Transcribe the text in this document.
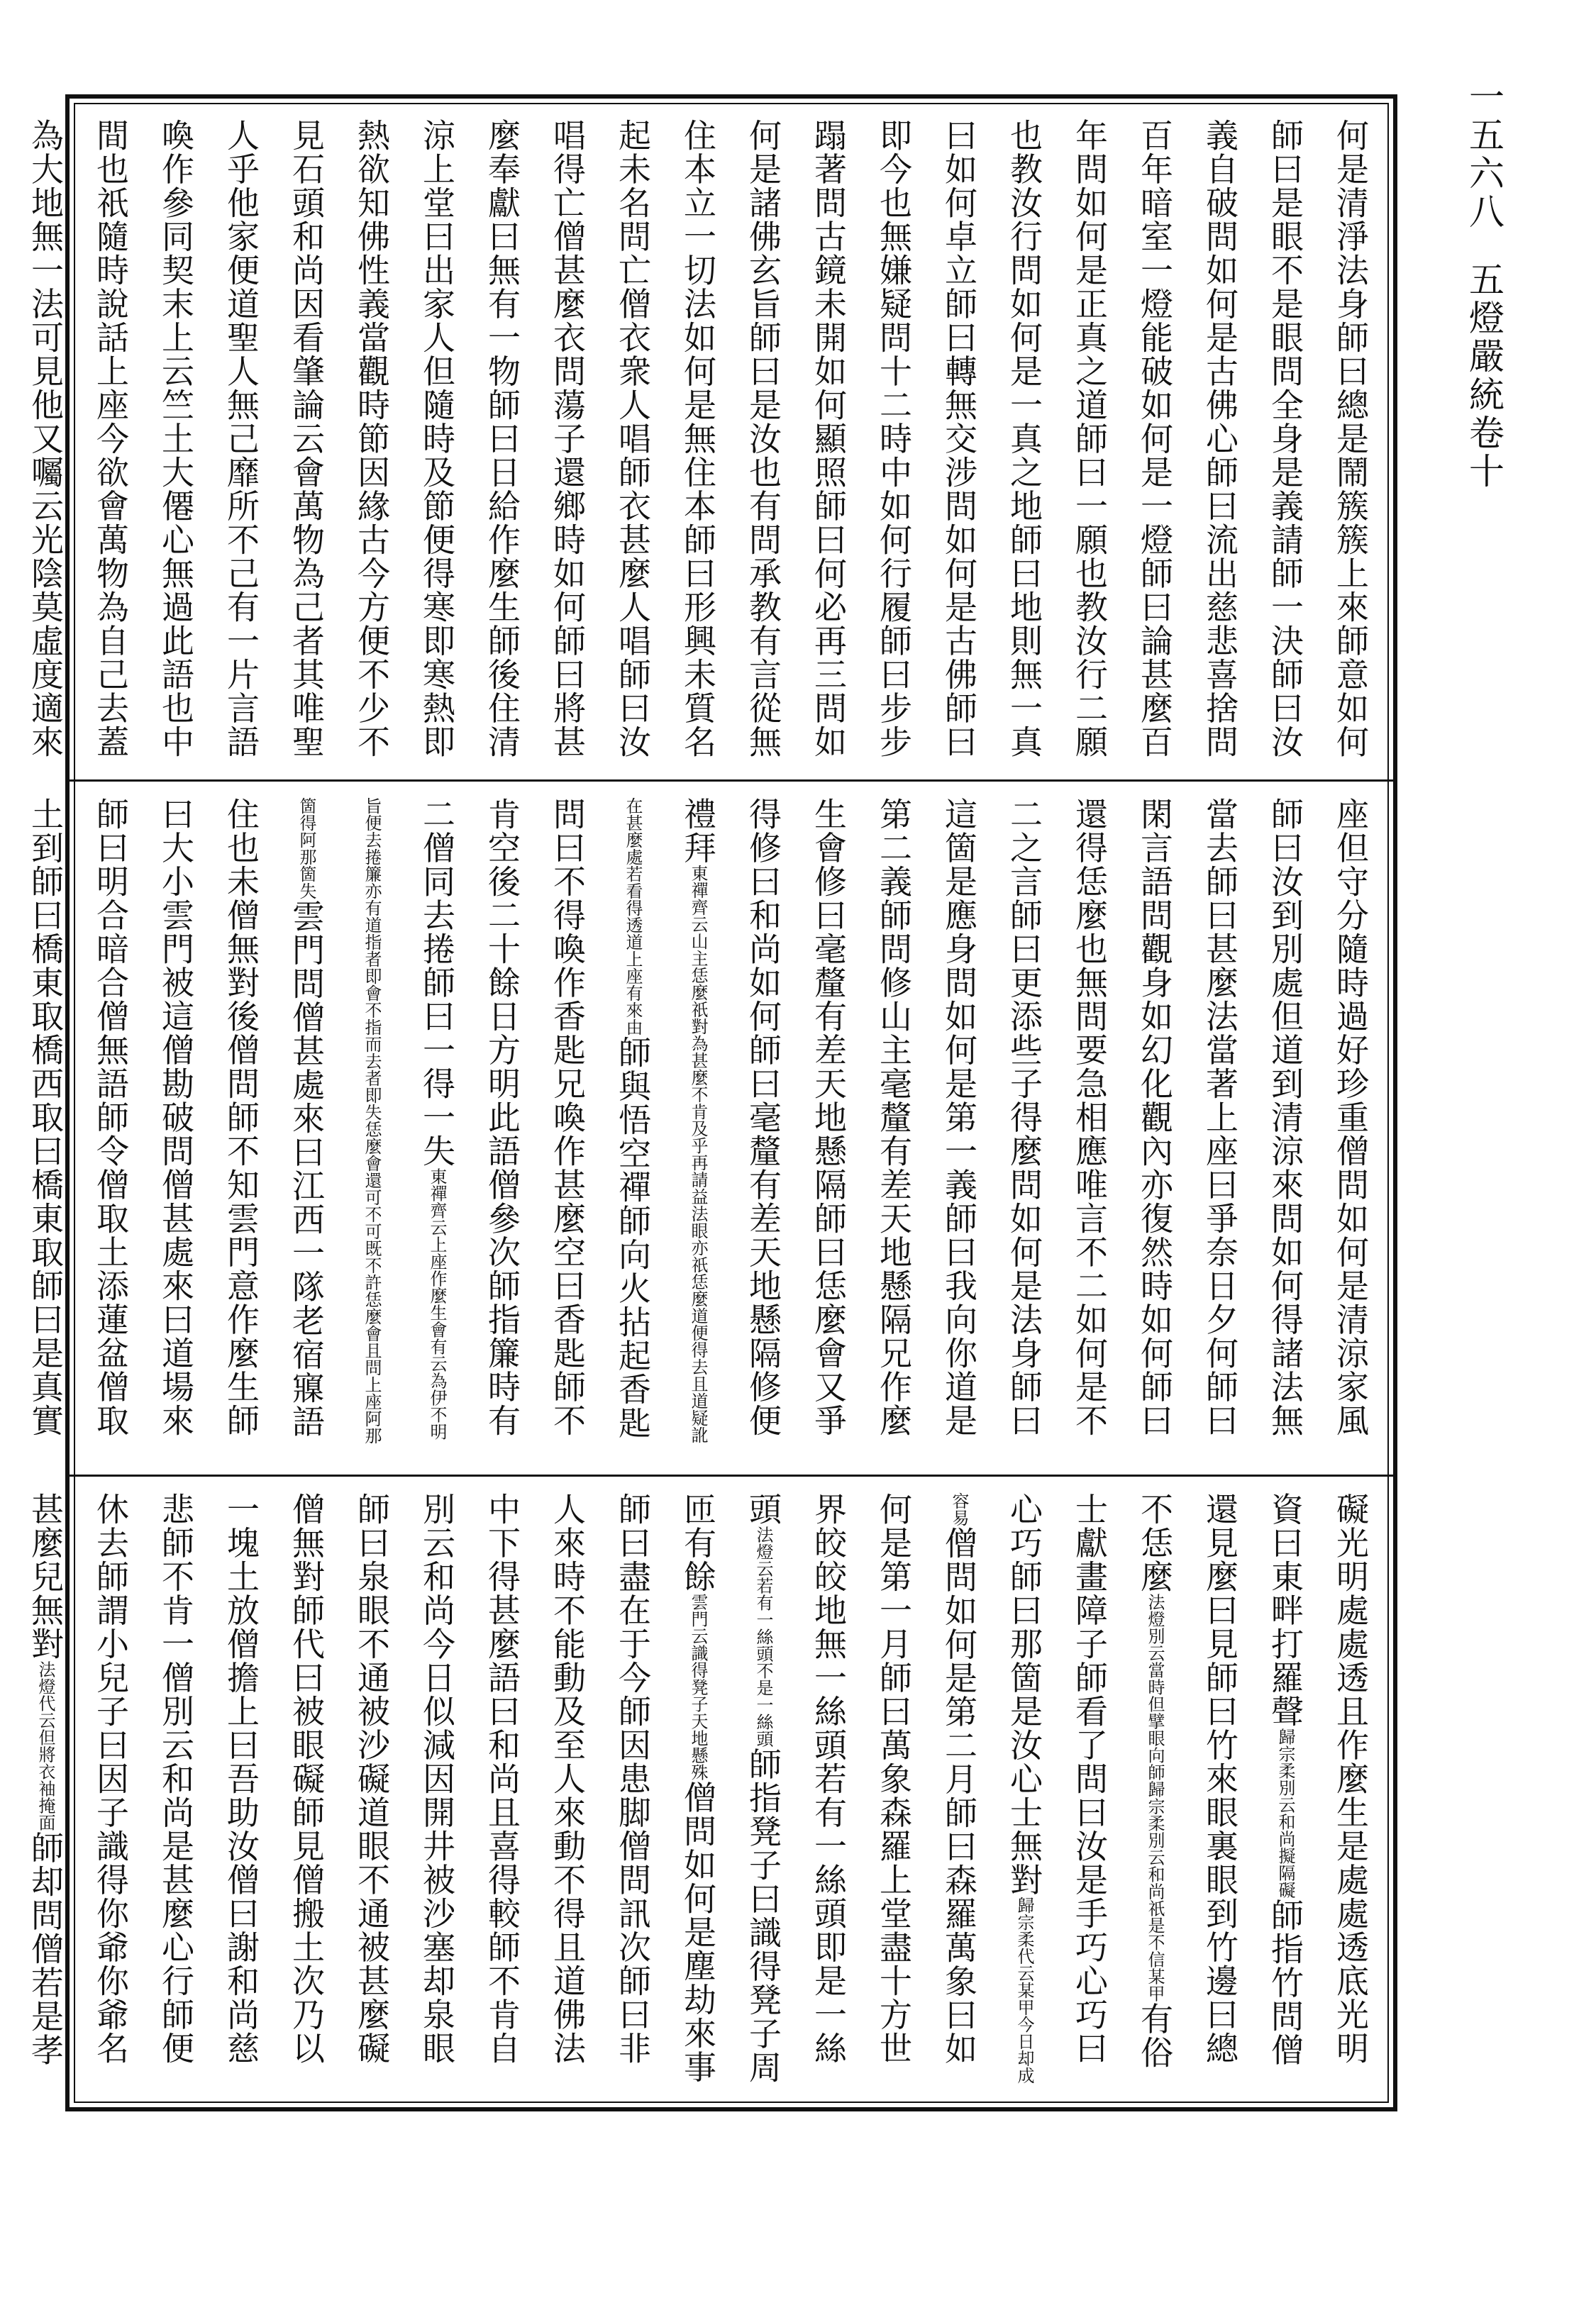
一五六八 五燈嚴統卷十
何是清淨法身師曰總是鬧簇簇上來師意如何師曰是眼不是眼問全身是義請師一決師曰汝義自破問如何是古佛心師曰流出慈悲喜捨問百年暗室一燈能破如何是一燈師曰論甚麼百年問如何是正真之道師曰一願也教汝行二願也教汝行問如何是一真之地師曰地則無一真曰如何卓立師曰轉無交涉問如何是古佛師曰即今也無嫌疑問十二時中如何行履師曰步步蹋著問古鏡未開如何顯照師曰何必再三問如何是諸佛玄旨師曰是汝也有問承教有言從無住本立一切法如何是無住本師曰形興未質名起未名問亡僧衣衆人唱師衣甚麼人唱師曰汝唱得亡僧甚麼衣問蕩子還鄉時如何師曰將甚麼奉獻曰無有一物師曰日給作麼生師後住清涼上堂曰出家人但隨時及節便得寒即寒熱即熱欲知佛性義當觀時節因緣古今方便不少不見石頭和尚因看肇論云會萬物為己者其唯聖人乎他家便道聖人無己靡所不己有一片言語喚作參同契末上云竺土大僊心無過此語也中間也祇隨時說話上座今欲會萬物為自己去蓋為大地無一法可見他又囑云光陰莫虛度適來
座但守分隨時過好珍重僧問如何是清涼家風師曰汝到別處但道到清涼來問如何得諸法無當去師曰甚麼法當著上座曰爭奈日夕何師曰閑言語問觀身如幻化觀內亦復然時如何師曰還得恁麼也無問要急相應唯言不二如何是不二之言師曰更添些子得麼問如何是法身師曰這箇是應身問如何是第一義師曰我向你道是第二義師問修山主毫釐有差天地懸隔兄作麼生會修曰毫釐有差天地懸隔師曰恁麼會又爭得修曰和尚如何師曰毫釐有差天地懸隔修便禮拜東禪齊云山主恁麼祇對為甚麼不肯及乎再請益法眼亦祇恁麼道便得去且道疑訛在甚麼處若看得透道上座有來由師與悟空禪師向火拈起香匙問曰不得喚作香匙兄喚作甚麼空曰香匙師不肯空後二十餘日方明此語僧參次師指簾時有二僧同去捲師曰一得一失東禪齊云上座作麼生會有云為伊不明旨便去捲簾亦有道指者即會不指而去者即失恁麼會還可不可既不許恁麼會且問上座阿那箇得阿那箇失雲門問僧甚處來曰江西一隊老宿寱語住也未僧無對後僧問師不知雲門意作麼生師曰大小雲門被這僧勘破問僧甚處來曰道場來師曰明合暗合僧無語師令僧取土添蓮盆僧取土到師曰橋東取橋西取曰橋東取師曰是真實
礙光明處處透且作麼生是處處透底光明資曰東畔打羅聲歸宗柔別云和尚擬隔礙師指竹問僧還見麼曰見師曰竹來眼裏眼到竹邊曰總不恁麼法燈別云當時但擘眼向師歸宗柔別云和尚祇是不信某甲有俗士獻畫障子師看了問曰汝是手巧心巧曰心巧師曰那箇是汝心士無對歸宗柔代云某甲今日却成容易僧問如何是第二月師曰森羅萬象曰如何是第一月師曰萬象森羅上堂盡十方世界皎皎地無一絲頭若有一絲頭即是一絲頭法燈云若有一絲頭不是一絲頭師指凳子曰識得凳子周匝有餘雲門云識得凳子天地懸殊僧問如何是塵劫來事師曰盡在于今師因患脚僧問訊次師曰非人來時不能動及至人來動不得且道佛法中下得甚麼語曰和尚且喜得較師不肯自別云和尚今日似減因開井被沙塞却泉眼師曰泉眼不通被沙礙道眼不通被甚麼礙僧無對師代曰被眼礙師見僧搬土次乃以一塊土放僧擔上曰吾助汝僧曰謝和尚慈悲師不肯一僧別云和尚是甚麼心行師便休去師謂小兒子曰因子識得你爺你爺名甚麼兒無對法燈代云但將衣袖掩面師却問僧若是孝
